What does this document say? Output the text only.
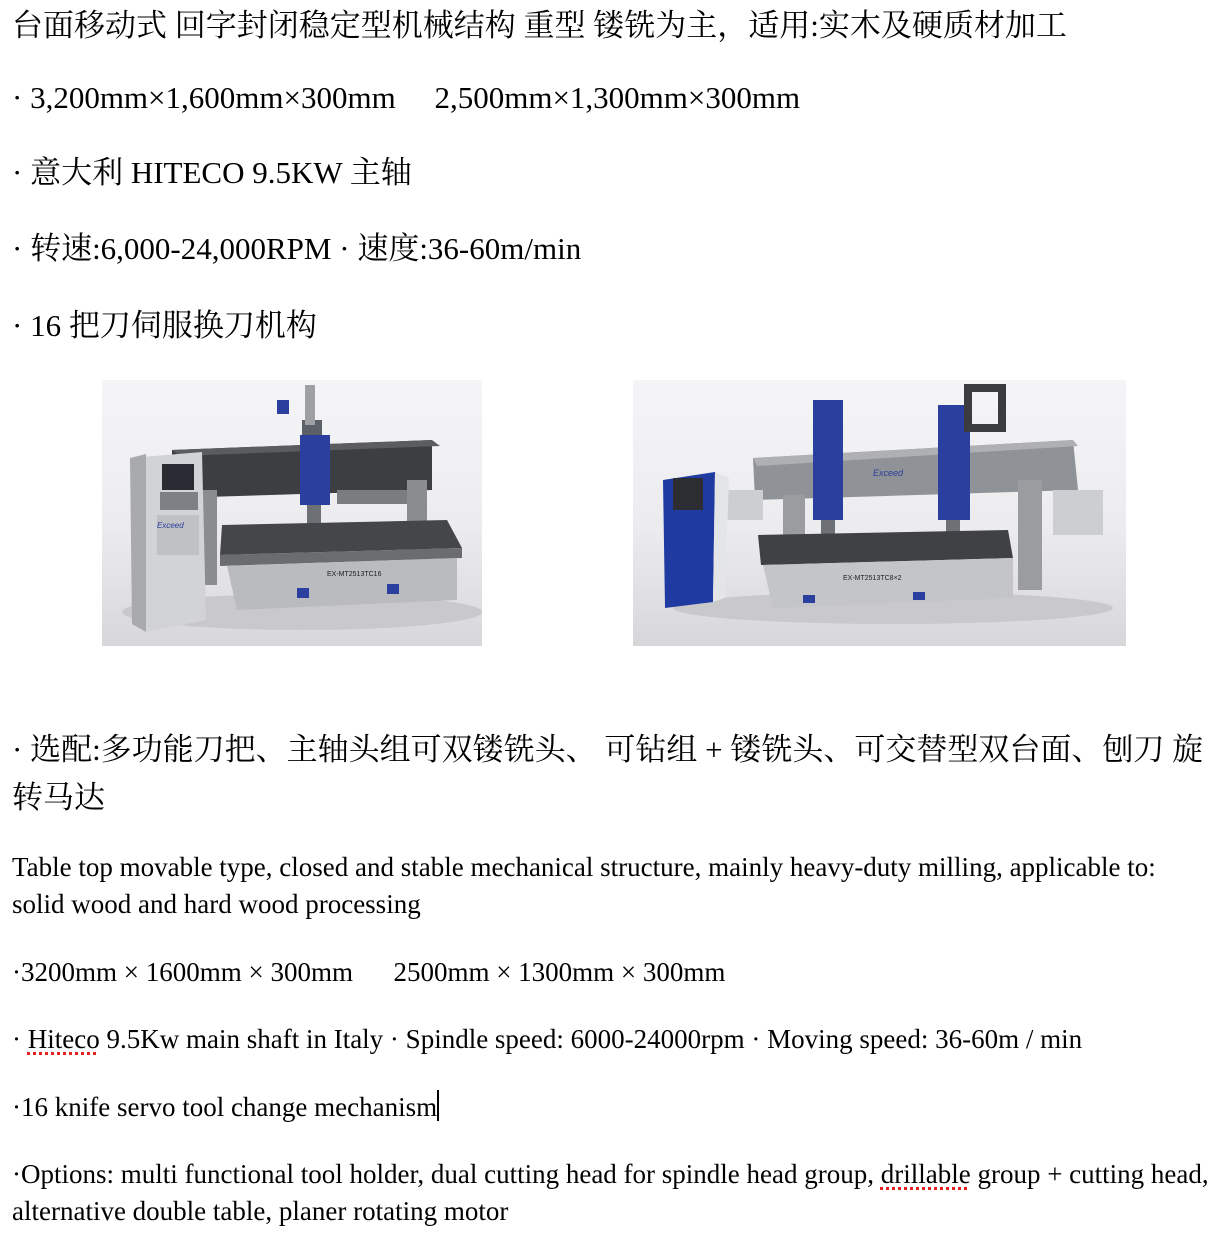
台面移动式 回字封闭稳定型机械结构 重型 镂铣为主，适用:实木及硬质材加工
· 3,200mm×1,600mm×300mm　 2,500mm×1,300mm×300mm
· 意大利 HITECO 9.5KW 主轴
· 转速:6,000-24,000RPM · 速度:36-60m/min
· 16 把刀伺服换刀机构
EX-MT2513TC16
Exceed
Exceed
EX-MT2513TC8×2
· 选配:多功能刀把、主轴头组可双镂铣头、 可钻组 + 镂铣头、可交替型双台面、刨刀 旋转马达
Table top movable type, closed and stable mechanical structure, mainly heavy-duty milling, applicable to: solid wood and hard wood processing
·3200mm × 1600mm × 300mm 　 2500mm × 1300mm × 300mm
· Hiteco 9.5Kw main shaft in Italy · Spindle speed: 6000-24000rpm · Moving speed: 36-60m / min
·16 knife servo tool change mechanism
·Options: multi functional tool holder, dual cutting head for spindle head group, drillable group + cutting head, alternative double table, planer rotating motor
